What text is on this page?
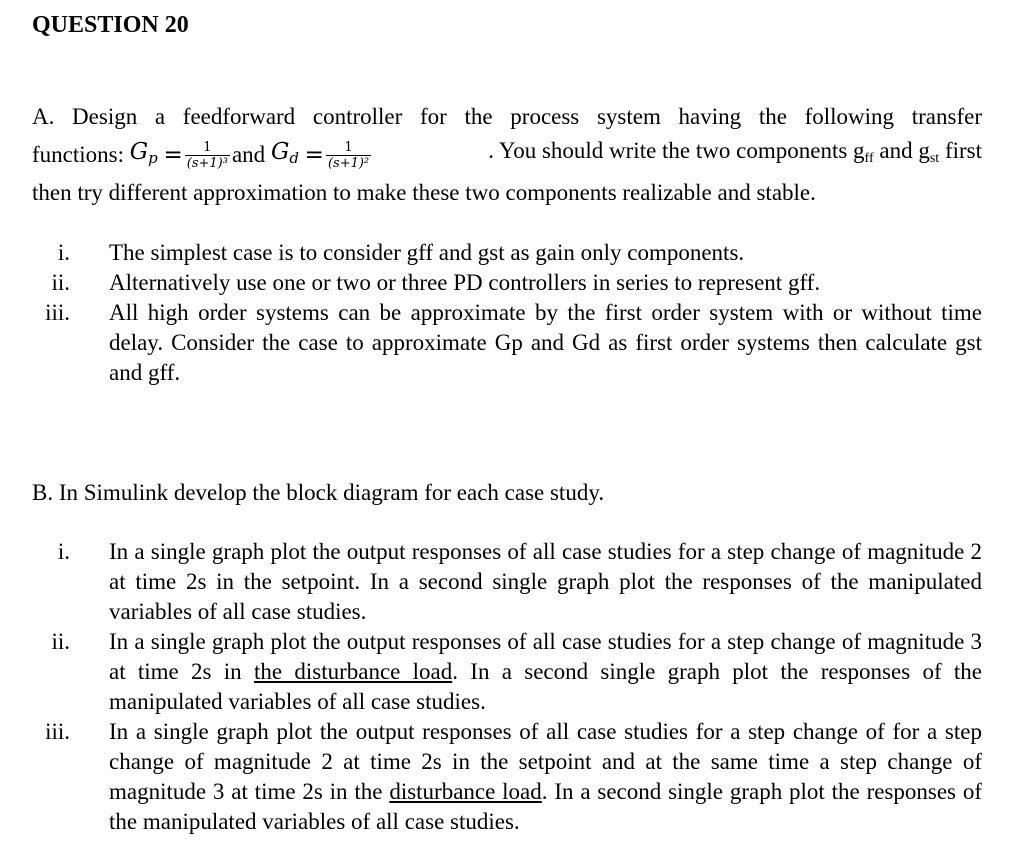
QUESTION 20
A. Design a feedforward controller for the process system having the following transfer
functions:
$G_p$
= $\frac{1}{\text{(s+1)³}}$ and
$G_d$
= $\frac{1}{\text{(s+1)²}}$	. You should write the two components gff and gst first
then try different approximation to make these two components realizable and stable.
i. The simplest case is to consider gff and gst as gain only components.
ii. Alternatively use one or two or three PD controllers in series to represent gff.
iii. All high order systems can be approximate by the first order system with or without time delay. Consider the case to approximate Gp and Gd as first order systems then calculate gst and gff.
B. In Simulink develop the block diagram for each case study.
i. In a single graph plot the output responses of all case studies for a step change of magnitude 2 at time 2s in the setpoint. In a second single graph plot the responses of the manipulated variables of all case studies.
ii. In a single graph plot the output responses of all case studies for a step change of magnitude 3 at time 2s in the disturbance load. In a second single graph plot the responses of the manipulated variables of all case studies.
iii. In a single graph plot the output responses of all case studies for a step change of for a step change of magnitude 2 at time 2s in the setpoint and at the same time a step change of magnitude 3 at time 2s in the disturbance load. In a second single graph plot the responses of the manipulated variables of all case studies.
